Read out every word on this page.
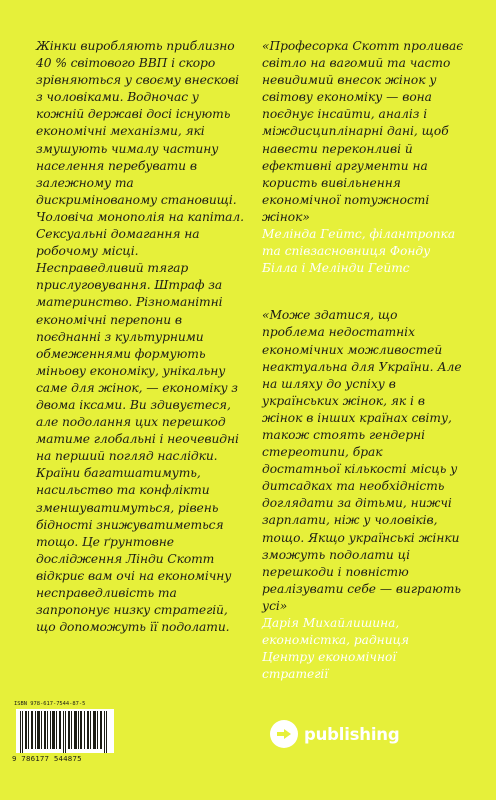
Жінки виробляють приблизно 40 % світового ВВП і скоро зрівняються у своєму внескові з чоловіками. Водночас у кожній державі досі існують економічні механізми, які змушують чималу частину населення перебувати в залежному та дискримінованому становищі. Чоловіча монополія на капітал. Сексуальні домагання на робочому місці. Несправедливий тягар прислуговування. Штраф за материнство. Різноманітні економічні перепони в поєднанні з культурними обмеженнями формують міньову економіку, унікальну саме для жінок, — економіку з двома іксами. Ви здивуєтеся, але подолання цих перешкод матиме глобальні і неочевидні на перший погляд наслідки. Країни багатшатимуть, насильство та конфлікти зменшуватимуться, рівень бідності знижуватиметься тощо. Це ґрунтовне дослідження Лінди Скотт відкриє вам очі на економічну несправедливість та запропонує низку стратегій, що допоможуть її подолати.

«Професорка Скотт проливає світло на вагомий та часто невидимий внесок жінок у світову економіку — вона поєднує інсайти, аналіз і міждисциплінарні дані, щоб навести переконливі й ефективні аргументи на користь вивільнення економічної потужності жінок»

Мелінда Гейтс, філантропка та співзасновниця Фонду Білла і Мелінди Гейтс

«Може здатися, що проблема недостатніх економічних можливостей неактуальна для України. Але на шляху до успіху в українських жінок, як і в жінок в інших країнах світу, також стоять гендерні стереотипи, брак достатньої кількості місць у дитсадках та необхідність доглядати за дітьми, нижчі зарплати, ніж у чоловіків, тощо. Якщо українські жінки зможуть подолати ці перешкоди і повністю реалізувати себе — виграють усі»

Дарія Михайлишина, економістка, радниця Центру економічної стратегії

ISBN 978-617-7544-87-5
9 786177 544875
publishing
